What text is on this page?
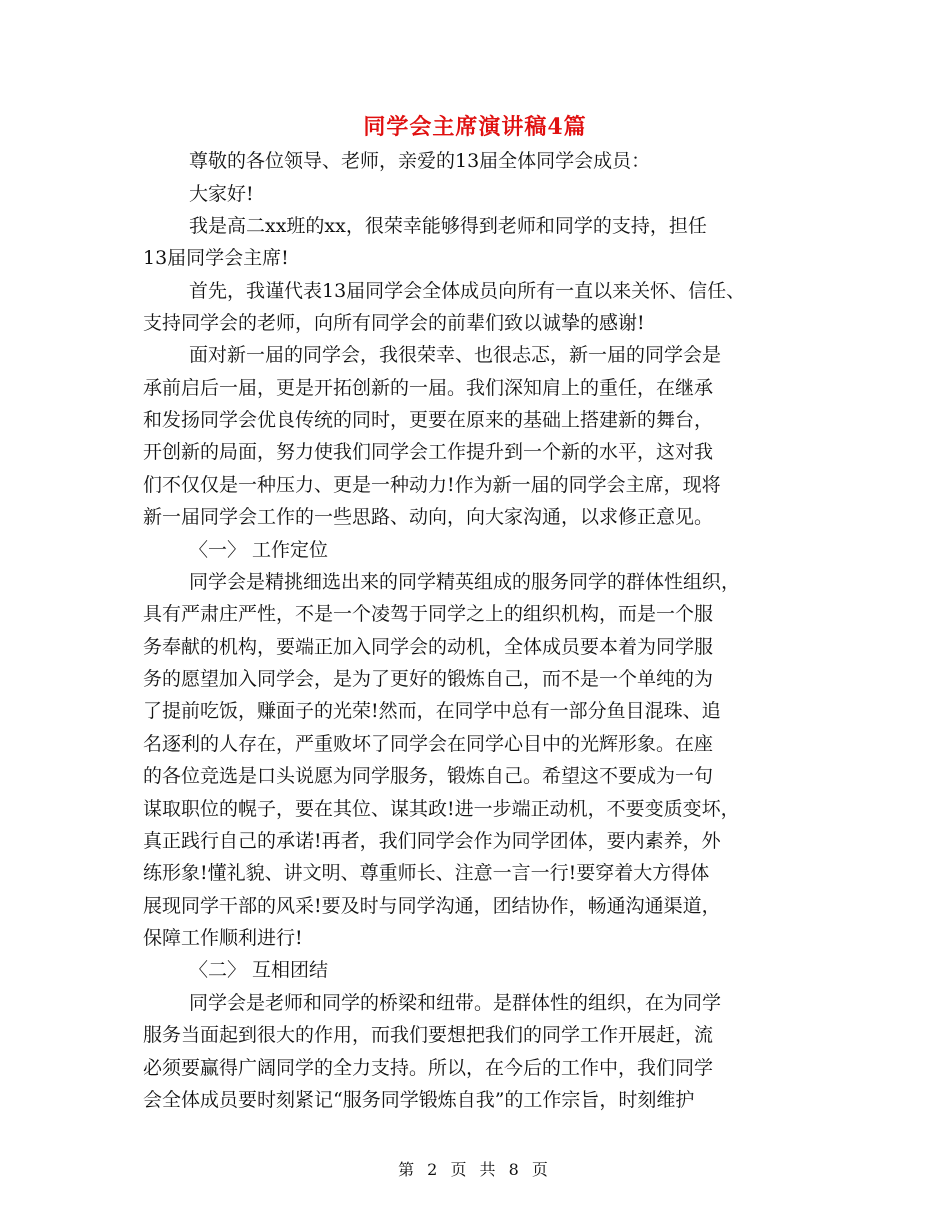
同学会主席演讲稿4篇
尊敬的各位领导、老师，亲爱的13届全体同学会成员：
大家好!
我是高二xx班的xx，很荣幸能够得到老师和同学的支持，担任
13届同学会主席!
首先，我谨代表13届同学会全体成员向所有一直以来关怀、信任、
支持同学会的老师，向所有同学会的前辈们致以诚挚的感谢!
面对新一届的同学会，我很荣幸、也很忐忑，新一届的同学会是
承前启后一届，更是开拓创新的一届。我们深知肩上的重任，在继承
和发扬同学会优良传统的同时，更要在原来的基础上搭建新的舞台，
开创新的局面，努力使我们同学会工作提升到一个新的水平，这对我
们不仅仅是一种压力、更是一种动力!作为新一届的同学会主席，现将
新一届同学会工作的一些思路、动向，向大家沟通，以求修正意见。
〈一〉 工作定位
同学会是精挑细选出来的同学精英组成的服务同学的群体性组织，
具有严肃庄严性，不是一个凌驾于同学之上的组织机构，而是一个服
务奉献的机构，要端正加入同学会的动机，全体成员要本着为同学服
务的愿望加入同学会，是为了更好的锻炼自己，而不是一个单纯的为
了提前吃饭，赚面子的光荣!然而，在同学中总有一部分鱼目混珠、追
名逐利的人存在，严重败坏了同学会在同学心目中的光辉形象。在座
的各位竞选是口头说愿为同学服务，锻炼自己。希望这不要成为一句
谋取职位的幌子，要在其位、谋其政!进一步端正动机，不要变质变坏，
真正践行自己的承诺!再者，我们同学会作为同学团体，要内素养，外
练形象!懂礼貌、讲文明、尊重师长、注意一言一行!要穿着大方得体
展现同学干部的风采!要及时与同学沟通，团结协作，畅通沟通渠道，
保障工作顺利进行!
〈二〉 互相团结
同学会是老师和同学的桥梁和纽带。是群体性的组织，在为同学
服务当面起到很大的作用，而我们要想把我们的同学工作开展赶，流
必须要赢得广阔同学的全力支持。所以，在今后的工作中，我们同学
会全体成员要时刻紧记“服务同学锻炼自我”的工作宗旨，时刻维护
第 2 页 共 8 页
